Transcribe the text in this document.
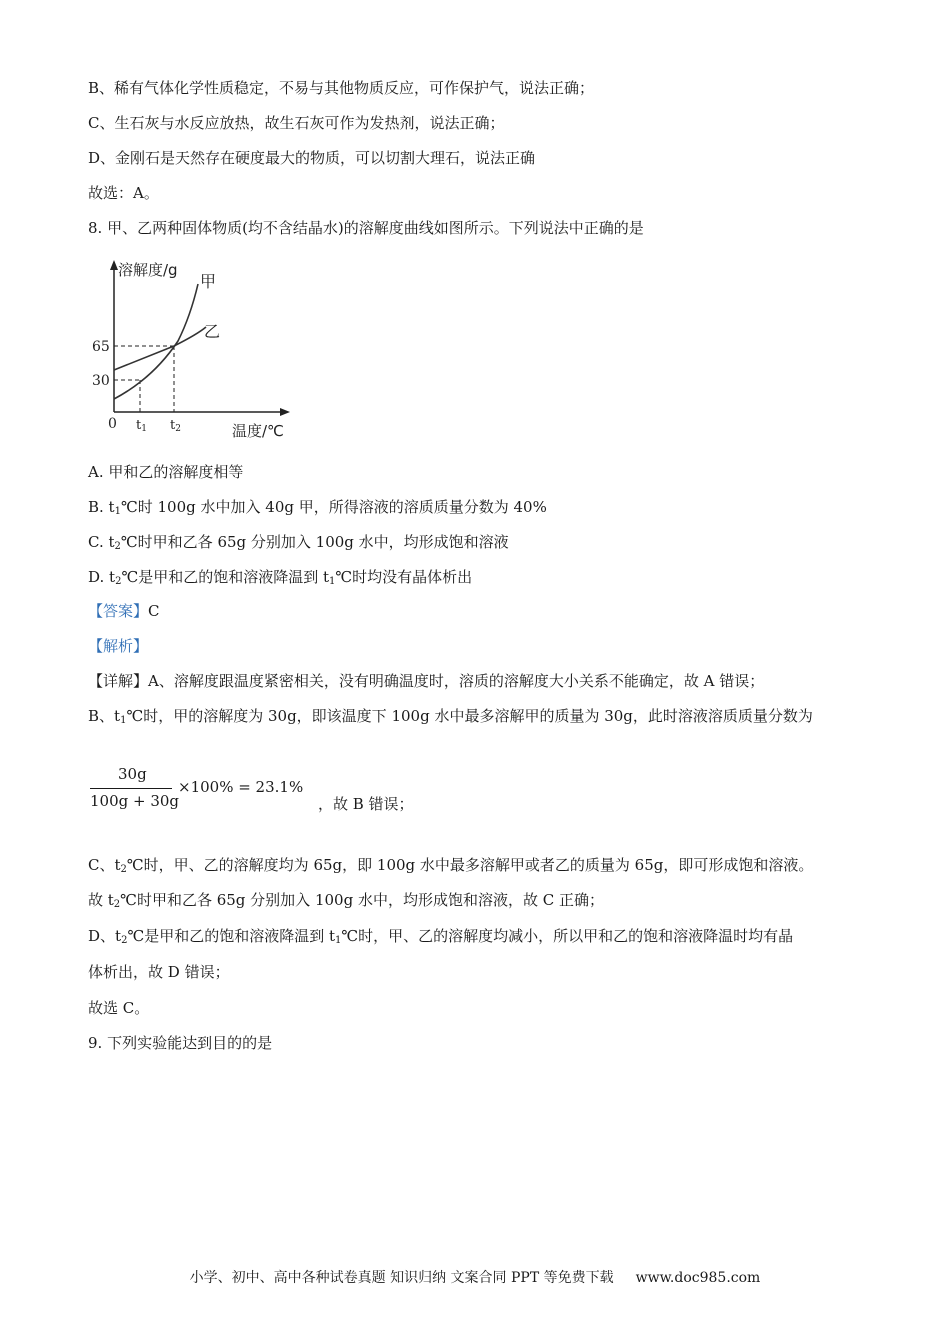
B、稀有气体化学性质稳定，不易与其他物质反应，可作保护气，说法正确；
C、生石灰与水反应放热，故生石灰可作为发热剂，说法正确；
D、金刚石是天然存在硬度最大的物质，可以切割大理石，说法正确
故选：A。
8. 甲、乙两种固体物质(均不含结晶水)的溶解度曲线如图所示。下列说法中正确的是
溶解度/g
甲
乙
65
30
0 t1 t2	温度/℃
A. 甲和乙的溶解度相等
B. $t_1℃$时 100g 水中加入 40g 甲，所得溶液的溶质质量分数为 40%
C. $t_2℃$时甲和乙各 65g 分别加入 100g 水中，均形成饱和溶液
D. $t_2℃$是甲和乙的饱和溶液降温到 $t_1℃$时均没有晶体析出
【答案】C
【解析】
【详解】A、溶解度跟温度紧密相关，没有明确温度时，溶质的溶解度大小关系不能确定，故 A 错误；
B、$t_1℃$时，甲的溶解度为 30g，即该温度下 100g 水中最多溶解甲的质量为 30g，此时溶液溶质质量分数为
30g
100g + 30g
×100% = 23.1%
，故 B 错误；
C、$t_2℃$时，甲、乙的溶解度均为 65g，即 100g 水中最多溶解甲或者乙的质量为 65g，即可形成饱和溶液。
故 $t_2℃$时甲和乙各 65g 分别加入 100g 水中，均形成饱和溶液，故 C 正确；
D、$t_2℃$是甲和乙的饱和溶液降温到 $t_1℃$时，甲、乙的溶解度均减小，所以甲和乙的饱和溶液降温时均有晶
体析出，故 D 错误；
故选 C。
9. 下列实验能达到目的的是
小学、初中、高中各种试卷真题 知识归纳 文案合同 PPT 等免费下载 www.doc985.com
